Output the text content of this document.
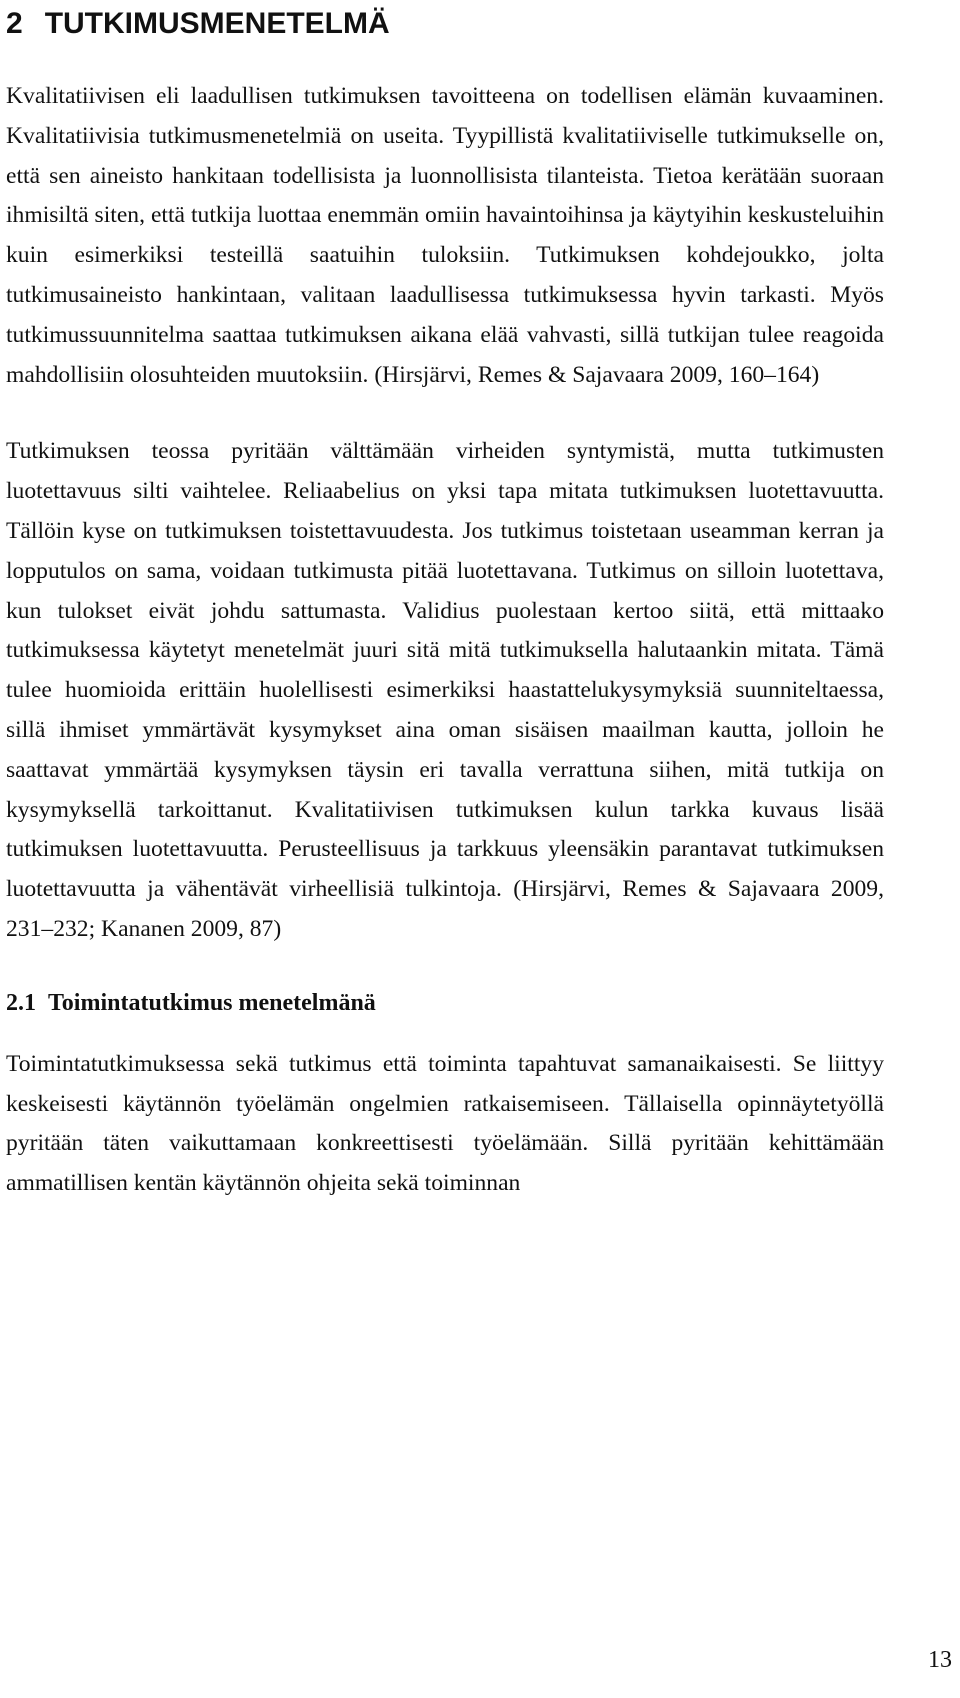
2 TUTKIMUSMENETELMÄ

Kvalitatiivisen eli laadullisen tutkimuksen tavoitteena on todellisen elämän kuvaaminen. Kvalitatiivisia tutkimusmenetelmiä on useita. Tyypillistä kvalitatiiviselle tutkimukselle on, että sen aineisto hankitaan todellisista ja luonnollisista tilanteista. Tietoa kerätään suoraan ihmisiltä siten, että tutkija luottaa enemmän omiin havaintoihinsa ja käytyihin keskusteluihin kuin esimerkiksi testeillä saatuihin tuloksiin. Tutkimuksen kohdejoukko, jolta tutkimusaineisto hankintaan, valitaan laadullisessa tutkimuksessa hyvin tarkasti. Myös tutkimussuunnitelma saattaa tutkimuksen aikana elää vahvasti, sillä tutkijan tulee reagoida mahdollisiin olosuhteiden muutoksiin. (Hirsjärvi, Remes & Sajavaara 2009, 160–164)

Tutkimuksen teossa pyritään välttämään virheiden syntymistä, mutta tutkimusten luotettavuus silti vaihtelee. Reliaabelius on yksi tapa mitata tutkimuksen luotettavuutta. Tällöin kyse on tutkimuksen toistettavuudesta. Jos tutkimus toistetaan useamman kerran ja lopputulos on sama, voidaan tutkimusta pitää luotettavana. Tutkimus on silloin luotettava, kun tulokset eivät johdu sattumasta. Validius puolestaan kertoo siitä, että mittaako tutkimuksessa käytetyt menetelmät juuri sitä mitä tutkimuksella halutaankin mitata. Tämä tulee huomioida erittäin huolellisesti esimerkiksi haastattelukysymyksiä suunniteltaessa, sillä ihmiset ymmärtävät kysymykset aina oman sisäisen maailman kautta, jolloin he saattavat ymmärtää kysymyksen täysin eri tavalla verrattuna siihen, mitä tutkija on kysymyksellä tarkoittanut. Kvalitatiivisen tutkimuksen kulun tarkka kuvaus lisää tutkimuksen luotettavuutta. Perusteellisuus ja tarkkuus yleensäkin parantavat tutkimuksen luotettavuutta ja vähentävät virheellisiä tulkintoja. (Hirsjärvi, Remes & Sajavaara 2009, 231–232; Kananen 2009, 87)

2.1 Toimintatutkimus menetelmänä

Toimintatutkimuksessa sekä tutkimus että toiminta tapahtuvat samanaikaisesti. Se liittyy keskeisesti käytännön työelämän ongelmien ratkaisemiseen. Tällaisella opinnäytetyöllä pyritään täten vaikuttamaan konkreettisesti työelämään. Sillä pyritään kehittämään ammatillisen kentän käytännön ohjeita sekä toiminnan

13
